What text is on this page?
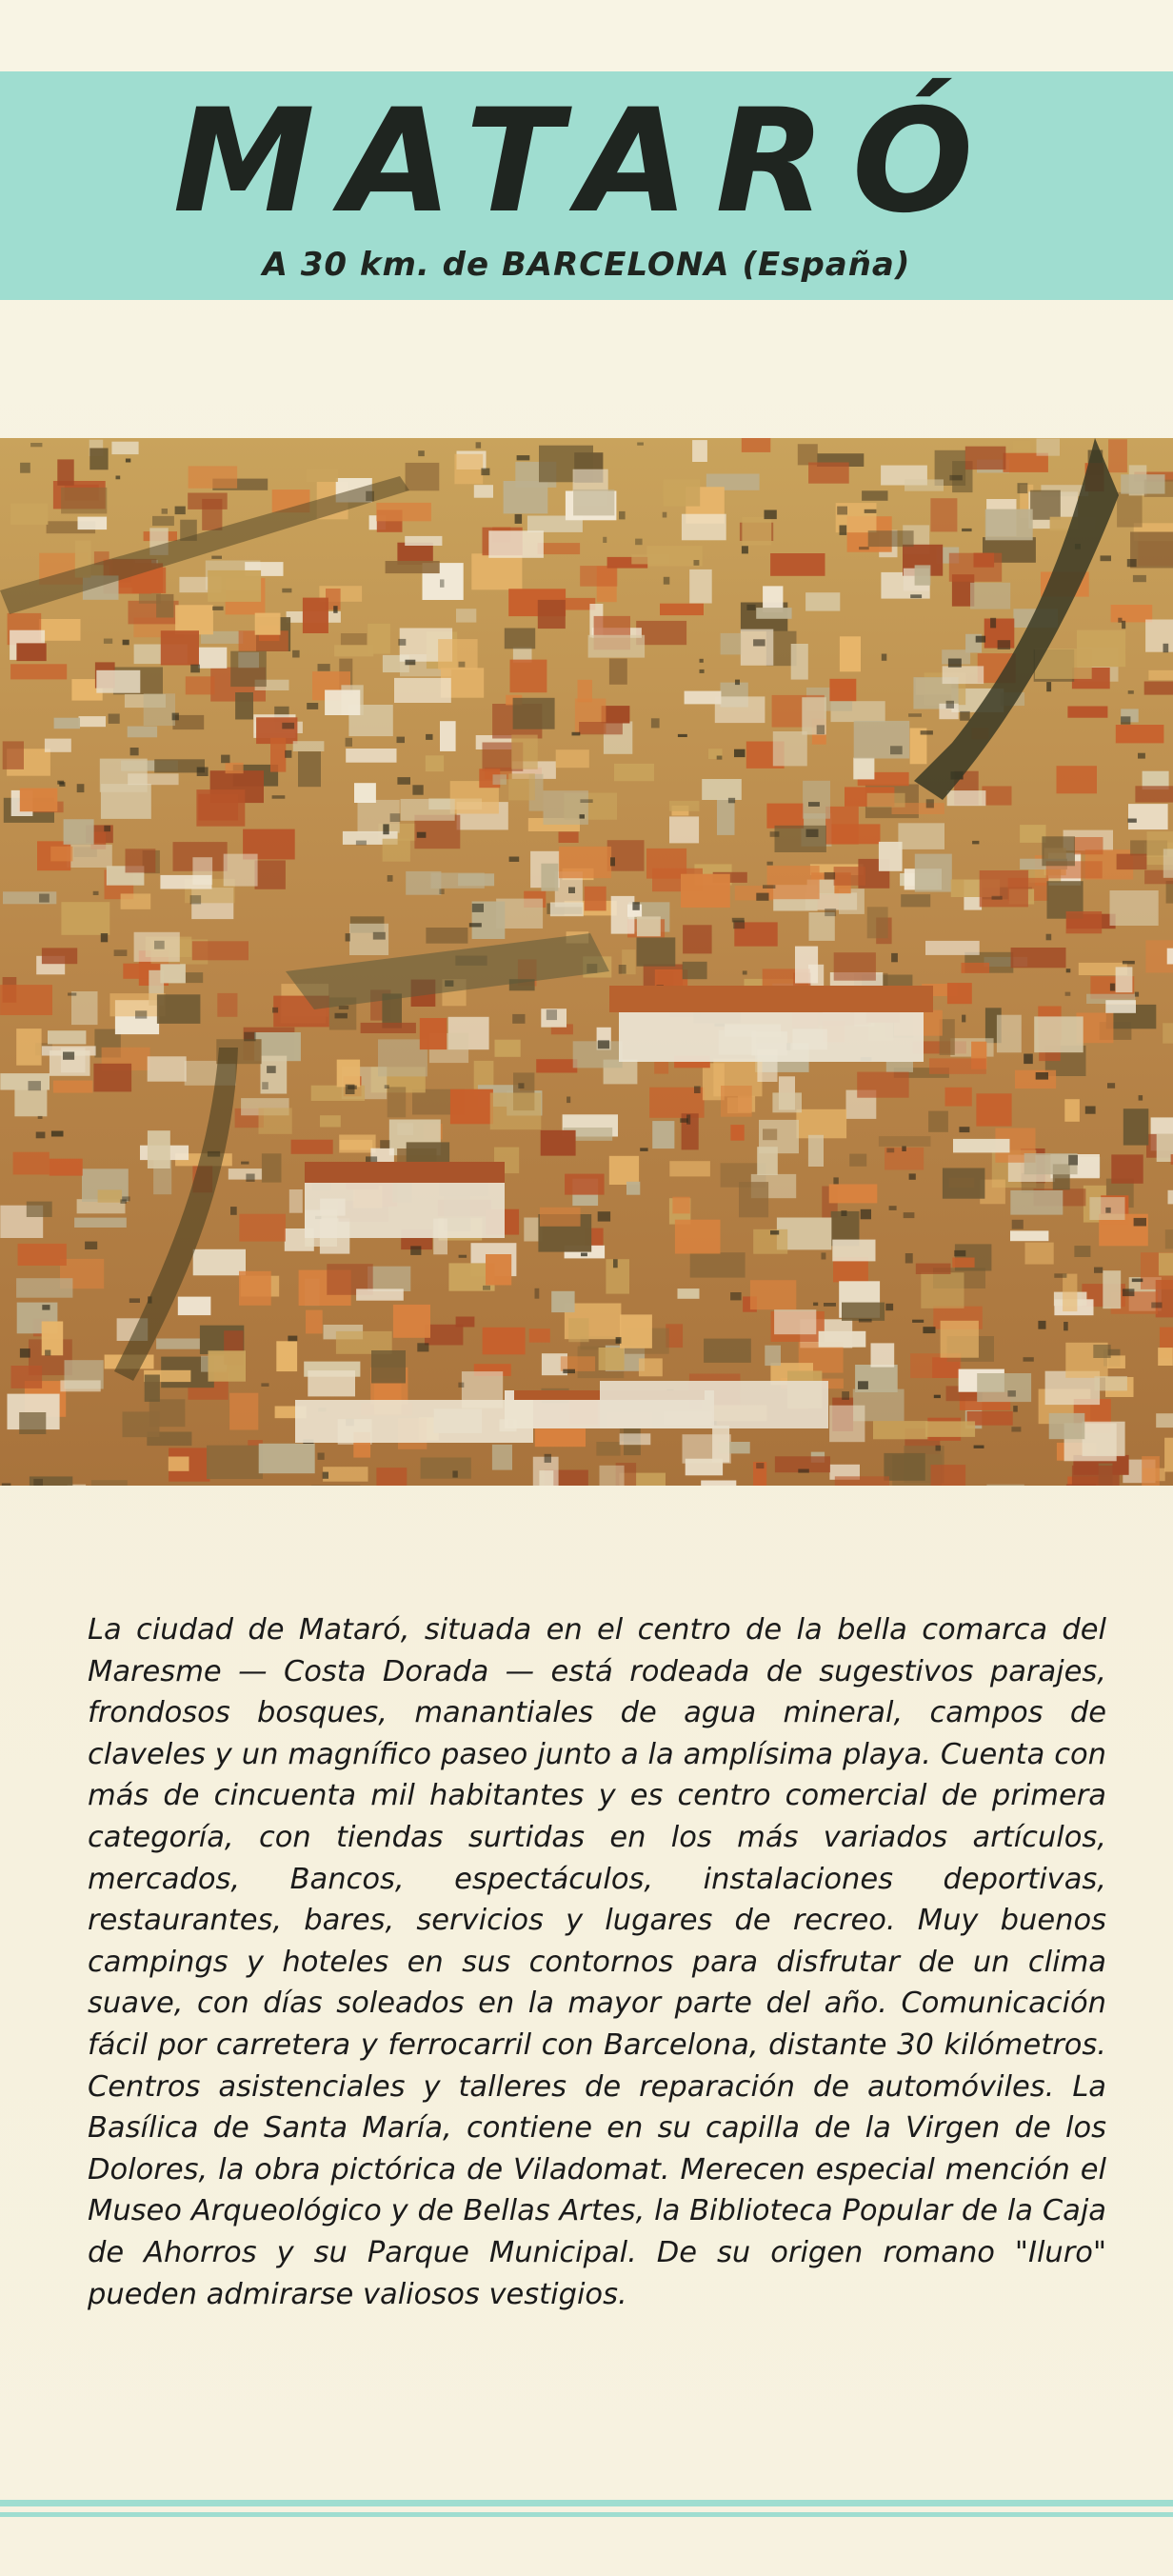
MATARÓ
A 30 km. de BARCELONA (España)
La ciudad de Mataró, situada en el centro de la bella comarca del Maresme — Costa Dorada — está rodeada de sugestivos parajes, frondosos bosques, manantiales de agua mineral, campos de claveles y un magnífico paseo junto a la amplísima playa. Cuenta con más de cincuenta mil habitantes y es centro comercial de primera categoría, con tiendas surtidas en los más variados artículos, mercados, Bancos, espectáculos, instalaciones deportivas, restaurantes, bares, servicios y lugares de recreo. Muy buenos campings y hoteles en sus contornos para disfrutar de un clima suave, con días soleados en la mayor parte del año. Comunicación fácil por carretera y ferrocarril con Barcelona, distante 30 kilómetros. Centros asistenciales y talleres de reparación de automóviles. La Basílica de Santa María, contiene en su capilla de la Virgen de los Dolores, la obra pictórica de Viladomat. Merecen especial mención el Museo Arqueológico y de Bellas Artes, la Biblioteca Popular de la Caja de Ahorros y su Parque Municipal. De su origen romano "Iluro" pueden admirarse valiosos vestigios.
